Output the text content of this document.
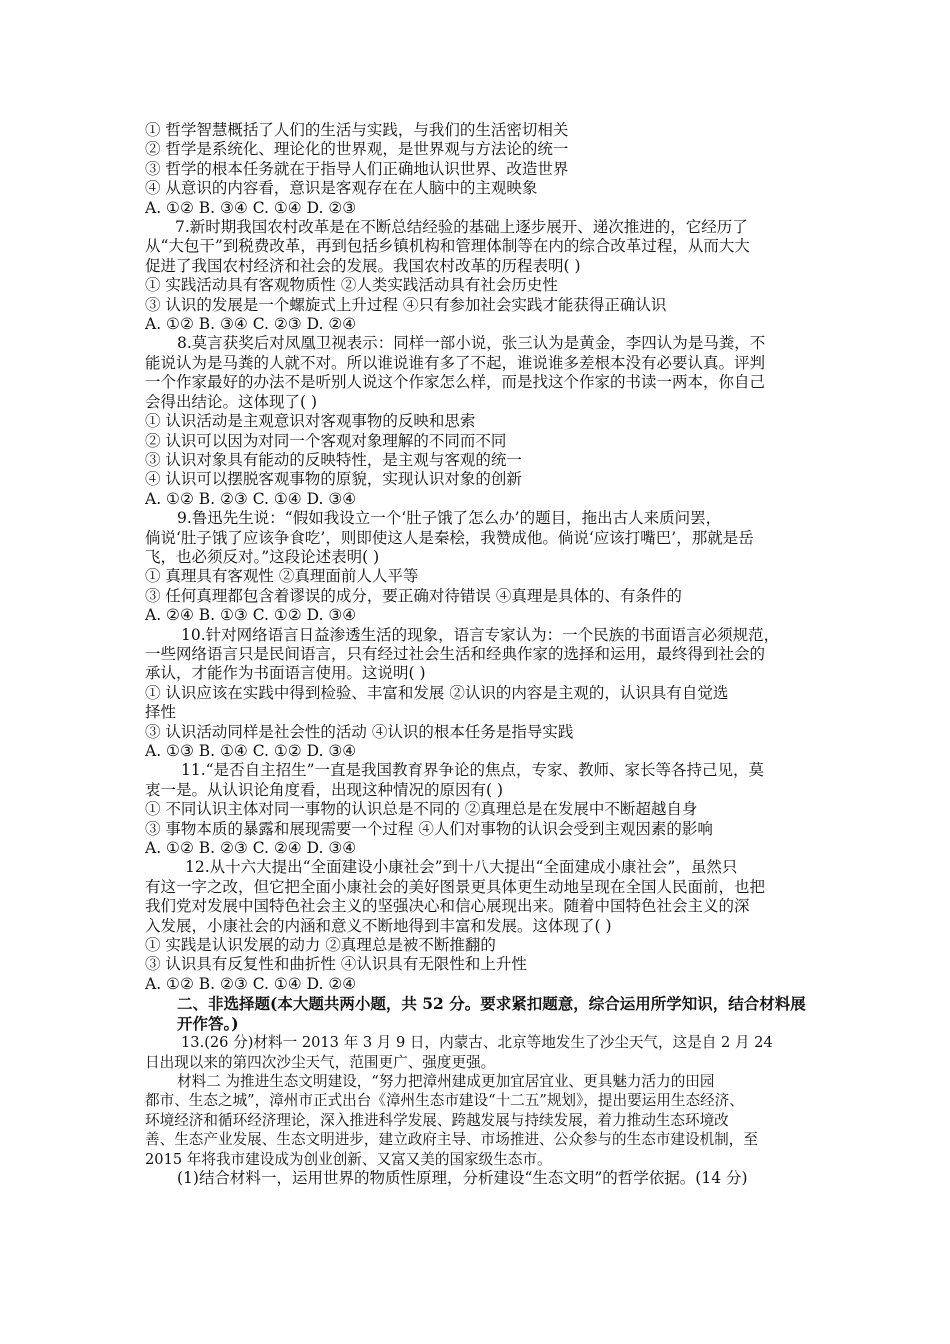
① 哲学智慧概括了人们的生活与实践，与我们的生活密切相关
② 哲学是系统化、理论化的世界观，是世界观与方法论的统一
③ 哲学的根本任务就在于指导人们正确地认识世界、改造世界
④ 从意识的内容看，意识是客观存在在人脑中的主观映象
A. ①② B. ③④ C. ①④ D. ②③
7.新时期我国农村改革是在不断总结经验的基础上逐步展开、递次推进的，它经历了
从“大包干”到税费改革，再到包括乡镇机构和管理体制等在内的综合改革过程，从而大大
促进了我国农村经济和社会的发展。我国农村改革的历程表明( )
① 实践活动具有客观物质性 ②人类实践活动具有社会历史性
③ 认识的发展是一个螺旋式上升过程 ④只有参加社会实践才能获得正确认识
A. ①② B. ③④ C. ②③ D. ②④
8.莫言获奖后对凤凰卫视表示：同样一部小说，张三认为是黄金，李四认为是马粪，不
能说认为是马粪的人就不对。所以谁说谁有多了不起，谁说谁多差根本没有必要认真。评判
一个作家最好的办法不是听别人说这个作家怎么样，而是找这个作家的书读一两本，你自己
会得出结论。这体现了( )
① 认识活动是主观意识对客观事物的反映和思索
② 认识可以因为对同一个客观对象理解的不同而不同
③ 认识对象具有能动的反映特性，是主观与客观的统一
④ 认识可以摆脱客观事物的原貌，实现认识对象的创新
A. ①② B. ②③ C. ①④ D. ③④
9.鲁迅先生说：“假如我设立一个‘肚子饿了怎么办’的题目，拖出古人来质问罢，
倘说‘肚子饿了应该争食吃’，则即使这人是秦桧，我赞成他。倘说‘应该打嘴巴’，那就是岳
飞，也必须反对。”这段论述表明( )
① 真理具有客观性 ②真理面前人人平等
③ 任何真理都包含着谬误的成分，要正确对待错误 ④真理是具体的、有条件的
A. ②④ B. ①③ C. ①② D. ③④
10.针对网络语言日益渗透生活的现象，语言专家认为：一个民族的书面语言必须规范，
一些网络语言只是民间语言，只有经过社会生活和经典作家的选择和运用，最终得到社会的
承认，才能作为书面语言使用。这说明( )
① 认识应该在实践中得到检验、丰富和发展 ②认识的内容是主观的，认识具有自觉选
择性
③ 认识活动同样是社会性的活动 ④认识的根本任务是指导实践
A. ①③ B. ①④ C. ①② D. ③④
11.“是否自主招生”一直是我国教育界争论的焦点，专家、教师、家长等各持己见，莫
衷一是。从认识论角度看，出现这种情况的原因有( )
① 不同认识主体对同一事物的认识总是不同的 ②真理总是在发展中不断超越自身
③ 事物本质的暴露和展现需要一个过程 ④人们对事物的认识会受到主观因素的影响
A. ①② B. ②③ C. ②④ D. ③④
12.从十六大提出“全面建设小康社会”到十八大提出“全面建成小康社会”，虽然只
有这一字之改，但它把全面小康社会的美好图景更具体更生动地呈现在全国人民面前，也把
我们党对发展中国特色社会主义的坚强决心和信心展现出来。随着中国特色社会主义的深
入发展，小康社会的内涵和意义不断地得到丰富和发展。这体现了( )
① 实践是认识发展的动力 ②真理总是被不断推翻的
③ 认识具有反复性和曲折性 ④认识具有无限性和上升性
A. ①② B. ②③ C. ①④ D. ②④
二、非选择题(本大题共两小题，共 52 分。要求紧扣题意，综合运用所学知识，结合材料展开作答。)
13.(26 分)材料一 2013 年 3 月 9 日，内蒙古、北京等地发生了沙尘天气，这是自 2 月 24
日出现以来的第四次沙尘天气，范围更广、强度更强。
材料二 为推进生态文明建设，“努力把漳州建成更加宜居宜业、更具魅力活力的田园
都市、生态之城”，漳州市正式出台《漳州生态市建设“十二五”规划》，提出要运用生态经济、
环境经济和循环经济理论，深入推进科学发展、跨越发展与持续发展，着力推动生态环境改
善、生态产业发展、生态文明进步，建立政府主导、市场推进、公众参与的生态市建设机制，至
2015 年将我市建设成为创业创新、又富又美的国家级生态市。
(1)结合材料一，运用世界的物质性原理，分析建设“生态文明”的哲学依据。(14 分)
